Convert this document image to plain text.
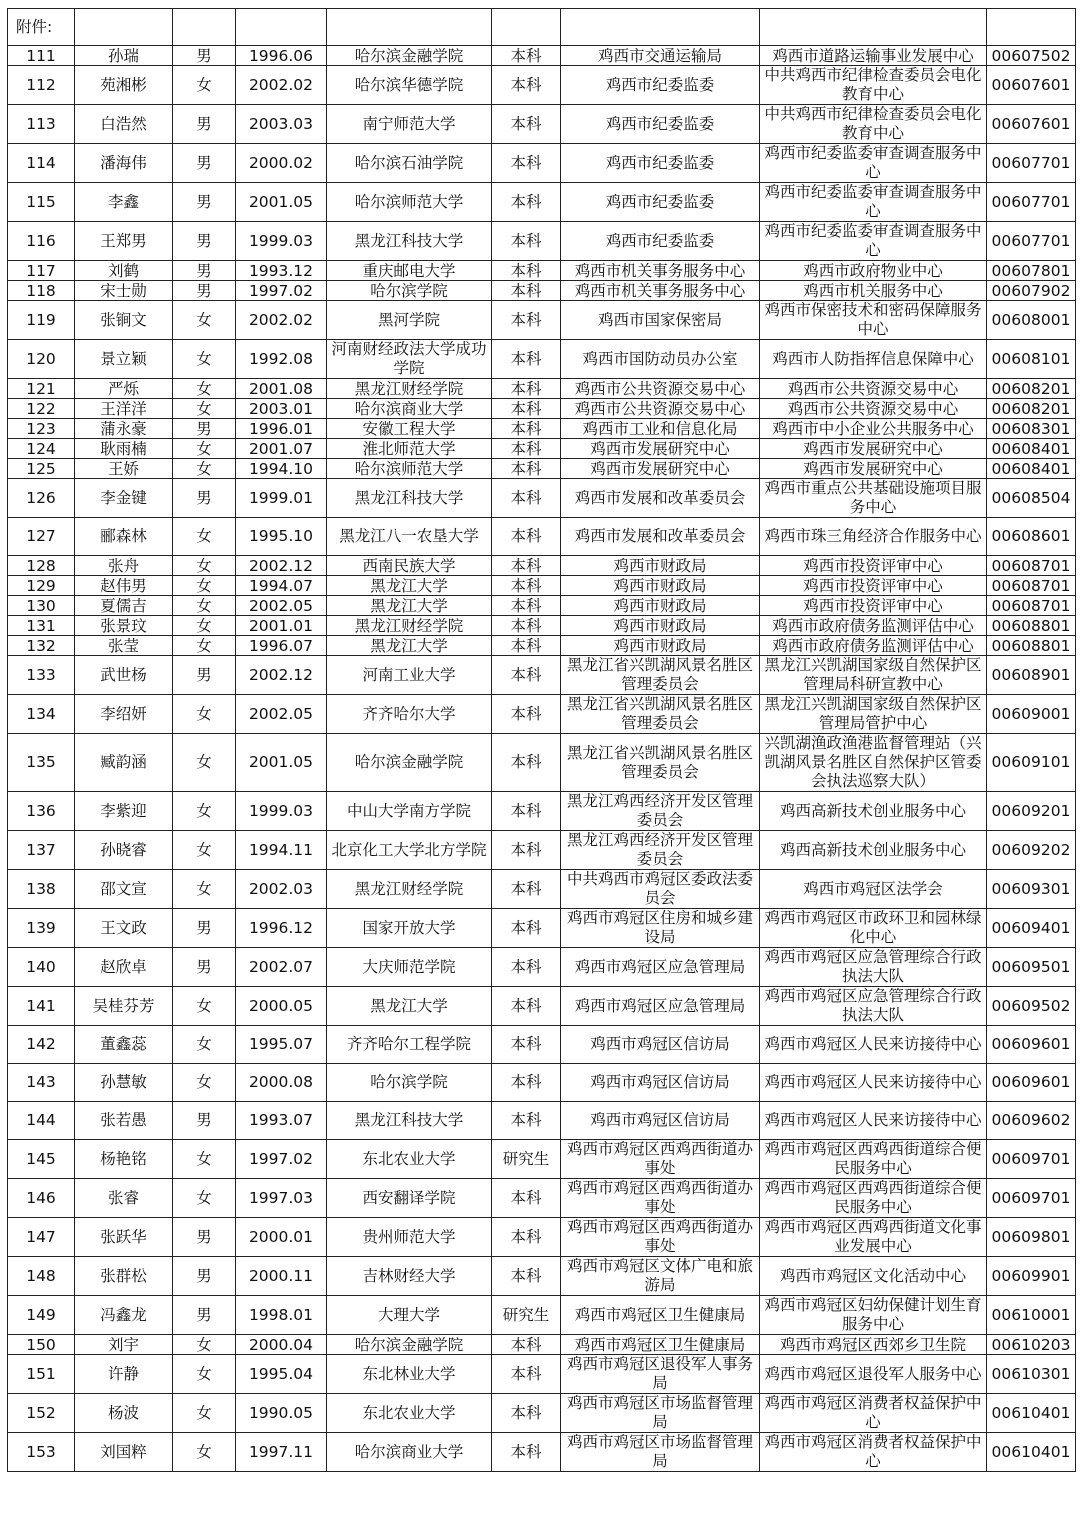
附件:								
111	孙瑞	男	1996.06	哈尔滨金融学院	本科	鸡西市交通运输局	鸡西市道路运输事业发展中心	00607502
112	苑湘彬	女	2002.02	哈尔滨华德学院	本科	鸡西市纪委监委	中共鸡西市纪律检查委员会电化教育中心	00607601
113	白浩然	男	2003.03	南宁师范大学	本科	鸡西市纪委监委	中共鸡西市纪律检查委员会电化教育中心	00607601
114	潘海伟	男	2000.02	哈尔滨石油学院	本科	鸡西市纪委监委	鸡西市纪委监委审查调查服务中心	00607701
115	李鑫	男	2001.05	哈尔滨师范大学	本科	鸡西市纪委监委	鸡西市纪委监委审查调查服务中心	00607701
116	王郑男	男	1999.03	黑龙江科技大学	本科	鸡西市纪委监委	鸡西市纪委监委审查调查服务中心	00607701
117	刘鹤	男	1993.12	重庆邮电大学	本科	鸡西市机关事务服务中心	鸡西市政府物业中心	00607801
118	宋士勋	男	1997.02	哈尔滨学院	本科	鸡西市机关事务服务中心	鸡西市机关服务中心	00607902
119	张锏文	女	2002.02	黑河学院	本科	鸡西市国家保密局	鸡西市保密技术和密码保障服务中心	00608001
120	景立颖	女	1992.08	河南财经政法大学成功学院	本科	鸡西市国防动员办公室	鸡西市人防指挥信息保障中心	00608101
121	严烁	女	2001.08	黑龙江财经学院	本科	鸡西市公共资源交易中心	鸡西市公共资源交易中心	00608201
122	王洋洋	女	2003.01	哈尔滨商业大学	本科	鸡西市公共资源交易中心	鸡西市公共资源交易中心	00608201
123	蒲永豪	男	1996.01	安徽工程大学	本科	鸡西市工业和信息化局	鸡西市中小企业公共服务中心	00608301
124	耿雨楠	女	2001.07	淮北师范大学	本科	鸡西市发展研究中心	鸡西市发展研究中心	00608401
125	王娇	女	1994.10	哈尔滨师范大学	本科	鸡西市发展研究中心	鸡西市发展研究中心	00608401
126	李金键	男	1999.01	黑龙江科技大学	本科	鸡西市发展和改革委员会	鸡西市重点公共基础设施项目服务中心	00608504
127	郦森林	女	1995.10	黑龙江八一农垦大学	本科	鸡西市发展和改革委员会	鸡西市珠三角经济合作服务中心	00608601
128	张舟	女	2002.12	西南民族大学	本科	鸡西市财政局	鸡西市投资评审中心	00608701
129	赵伟男	女	1994.07	黑龙江大学	本科	鸡西市财政局	鸡西市投资评审中心	00608701
130	夏儒吉	女	2002.05	黑龙江大学	本科	鸡西市财政局	鸡西市投资评审中心	00608701
131	张景玟	女	2001.01	黑龙江财经学院	本科	鸡西市财政局	鸡西市政府债务监测评估中心	00608801
132	张莹	女	1996.07	黑龙江大学	本科	鸡西市财政局	鸡西市政府债务监测评估中心	00608801
133	武世杨	男	2002.12	河南工业大学	本科	黑龙江省兴凯湖风景名胜区管理委员会	黑龙江兴凯湖国家级自然保护区管理局科研宣教中心	00608901
134	李绍妍	女	2002.05	齐齐哈尔大学	本科	黑龙江省兴凯湖风景名胜区管理委员会	黑龙江兴凯湖国家级自然保护区管理局管护中心	00609001
135	臧韵涵	女	2001.05	哈尔滨金融学院	本科	黑龙江省兴凯湖风景名胜区管理委员会	兴凯湖渔政渔港监督管理站（兴凯湖风景名胜区自然保护区管委会执法巡察大队）	00609101
136	李紫迎	女	1999.03	中山大学南方学院	本科	黑龙江鸡西经济开发区管理委员会	鸡西高新技术创业服务中心	00609201
137	孙晓睿	女	1994.11	北京化工大学北方学院	本科	黑龙江鸡西经济开发区管理委员会	鸡西高新技术创业服务中心	00609202
138	邵文宣	女	2002.03	黑龙江财经学院	本科	中共鸡西市鸡冠区委政法委员会	鸡西市鸡冠区法学会	00609301
139	王文政	男	1996.12	国家开放大学	本科	鸡西市鸡冠区住房和城乡建设局	鸡西市鸡冠区市政环卫和园林绿化中心	00609401
140	赵欣卓	男	2002.07	大庆师范学院	本科	鸡西市鸡冠区应急管理局	鸡西市鸡冠区应急管理综合行政执法大队	00609501
141	吴桂芬芳	女	2000.05	黑龙江大学	本科	鸡西市鸡冠区应急管理局	鸡西市鸡冠区应急管理综合行政执法大队	00609502
142	董鑫蕊	女	1995.07	齐齐哈尔工程学院	本科	鸡西市鸡冠区信访局	鸡西市鸡冠区人民来访接待中心	00609601
143	孙慧敏	女	2000.08	哈尔滨学院	本科	鸡西市鸡冠区信访局	鸡西市鸡冠区人民来访接待中心	00609601
144	张若愚	男	1993.07	黑龙江科技大学	本科	鸡西市鸡冠区信访局	鸡西市鸡冠区人民来访接待中心	00609602
145	杨艳铭	女	1997.02	东北农业大学	研究生	鸡西市鸡冠区西鸡西街道办事处	鸡西市鸡冠区西鸡西街道综合便民服务中心	00609701
146	张睿	女	1997.03	西安翻译学院	本科	鸡西市鸡冠区西鸡西街道办事处	鸡西市鸡冠区西鸡西街道综合便民服务中心	00609701
147	张跃华	男	2000.01	贵州师范大学	本科	鸡西市鸡冠区西鸡西街道办事处	鸡西市鸡冠区西鸡西街道文化事业发展中心	00609801
148	张群松	男	2000.11	吉林财经大学	本科	鸡西市鸡冠区文体广电和旅游局	鸡西市鸡冠区文化活动中心	00609901
149	冯鑫龙	男	1998.01	大理大学	研究生	鸡西市鸡冠区卫生健康局	鸡西市鸡冠区妇幼保健计划生育服务中心	00610001
150	刘宇	女	2000.04	哈尔滨金融学院	本科	鸡西市鸡冠区卫生健康局	鸡西市鸡冠区西郊乡卫生院	00610203
151	许静	女	1995.04	东北林业大学	本科	鸡西市鸡冠区退役军人事务局	鸡西市鸡冠区退役军人服务中心	00610301
152	杨波	女	1990.05	东北农业大学	本科	鸡西市鸡冠区市场监督管理局	鸡西市鸡冠区消费者权益保护中心	00610401
153	刘国粹	女	1997.11	哈尔滨商业大学	本科	鸡西市鸡冠区市场监督管理局	鸡西市鸡冠区消费者权益保护中心	00610401
